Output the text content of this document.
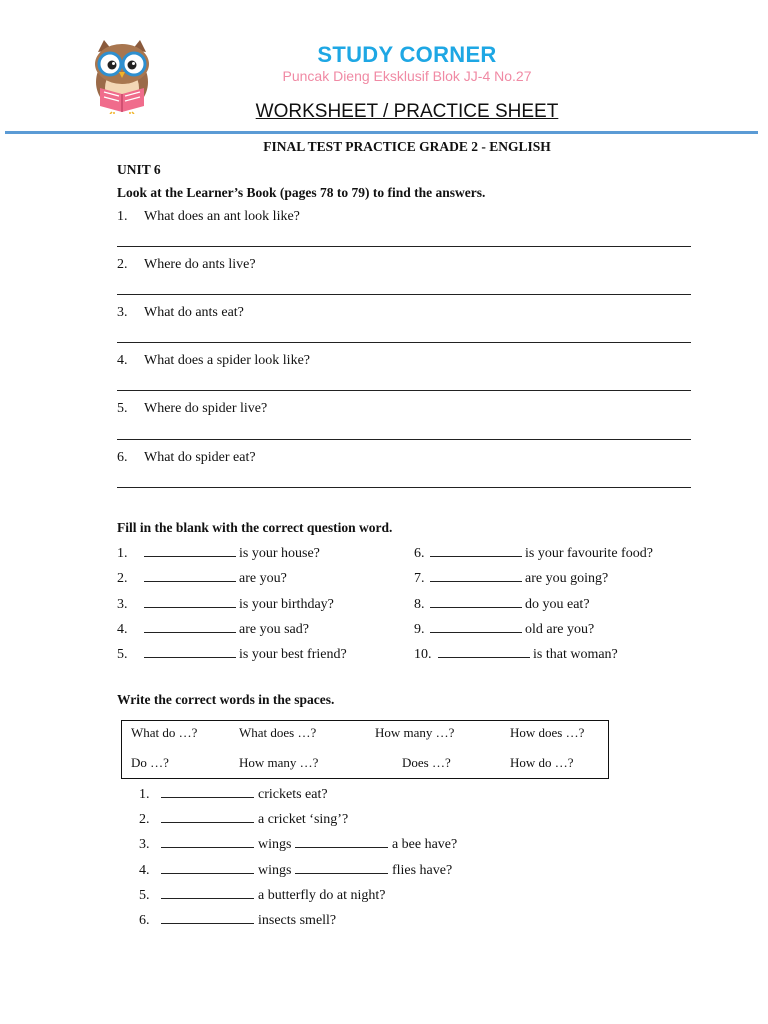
STUDY CORNER
Puncak Dieng Eksklusif Blok JJ-4 No.27
WORKSHEET / PRACTICE SHEET
FINAL TEST PRACTICE GRADE 2 - ENGLISH
UNIT 6
Look at the Learner’s Book (pages 78 to 79) to find the answers.
1. What does an ant look like?
2. Where do ants live?
3. What do ants eat?
4. What does a spider look like?
5. Where do spider live?
6. What do spider eat?
Fill in the blank with the correct question word.
1.	is your house?
2.	are you?
3.	is your birthday?
4.	are you sad?
5.	is your best friend?
6.	is your favourite food?
7.	are you going?
8.	do you eat?
9.	old are you?
10.	is that woman?
Write the correct words in the spaces.
What do …?	What does …?	How many …?	How does …?
Do …?	How many …?	Does …?	How do …?
1.	crickets eat?
2.	a cricket ‘sing’?
3.	wings	a bee have?
4.	wings	flies have?
5.	a butterfly do at night?
6.	insects smell?
